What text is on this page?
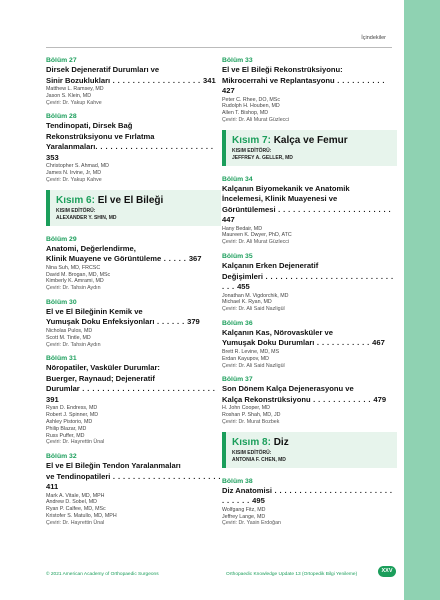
İçindekiler
Bölüm 27
Dirsek Dejeneratif Durumları ve
Sinir Bozuklukları . . . . . . . . . . . . . . . . . . 341
Matthew L. Ramsey, MD
Jason S. Klein, MD
Çeviri: Dr. Yakup Kahve
Bölüm 28
Tendinopati, Dirsek Bağ
Rekonstrüksiyonu ve Fırlatma
Yaralanmaları. . . . . . . . . . . . . . . . . . . . . . . . 353
Christopher S. Ahmad, MD
James N. Irvine, Jr, MD
Çeviri: Dr. Yakup Kahve
Kısım 6: El ve El Bileği
KISIM EDİTÖRÜ:
ALEXANDER Y. SHIN, MD
Bölüm 29
Anatomi, Değerlendirme,
Klinik Muayene ve Görüntüleme . . . . . 367
Nina Suh, MD, FRCSC
David M. Brogan, MD, MSc
Kimberly K. Amrami, MD
Çeviri: Dr. Tahsin Aydın
Bölüm 30
El ve El Bileğinin Kemik ve
Yumuşak Doku Enfeksiyonları . . . . . . 379
Nicholas Pulos, MD
Scott M. Tintle, MD
Çeviri: Dr. Tahsin Aydın
Bölüm 31
Nöropatiler, Vasküler Durumlar:
Buerger, Raynaud; Dejeneratif
Durumlar . . . . . . . . . . . . . . . . . . . . . . . . . . . 391
Ryan D. Endress, MD
Robert J. Spinner, MD
Ashley Pistorio, MD
Philip Blazar, MD
Russ Puffer, MD
Çeviri: Dr. Hayrettin Ünal
Bölüm 32
El ve El Bileğin Tendon Yaralanmaları
ve Tendinopatileri . . . . . . . . . . . . . . . . . . . . . . 411
Mark A. Vitale, MD, MPH
Andrew D. Sobel, MD
Ryan P. Calfee, MD, MSc
Kristofer S. Matullo, MD, MPH
Çeviri: Dr. Hayrettin Ünal
Bölüm 33
El ve El Bileği Rekonstrüksiyonu:
Mikrocerrahi ve Replantasyonu . . . . . . . . . . 427
Peter C. Rhee, DO, MSc
Rudolph H. Houben, MD
Allen T. Bishop, MD
Çeviri: Dr. Ali Murat Güzlecci
Kısım 7: Kalça ve Femur
KISIM EDİTÖRÜ:
JEFFREY A. GELLER, MD
Bölüm 34
Kalçanın Biyomekanik ve Anatomik
İncelemesi, Klinik Muayenesi ve
Görüntülemesi . . . . . . . . . . . . . . . . . . . . . . . 447
Hany Bedair, MD
Maureen K. Dwyer, PhD, ATC
Çeviri: Dr. Ali Murat Güzlecci
Bölüm 35
Kalçanın Erken Dejeneratif
Değişimleri . . . . . . . . . . . . . . . . . . . . . . . . . . . . . 455
Jonathan M. Vigdorchik, MD
Michael K. Ryan, MD
Çeviri: Dr. Ali Said Nazligül
Bölüm 36
Kalçanın Kas, Nörovasküler ve
Yumuşak Doku Durumları . . . . . . . . . . . 467
Brett R. Levine, MD, MS
Erdan Kayupov, MD
Çeviri: Dr. Ali Said Nazligül
Bölüm 37
Son Dönem Kalça Dejenerasyonu ve
Kalça Rekonstrüksiyonu . . . . . . . . . . . . 479
H. John Cooper, MD
Roshan P. Shah, MD, JD
Çeviri: Dr. Murat Bozbek
Kısım 8: Diz
KISIM EDİTÖRÜ:
ANTONIA F. CHEN, MD
Bölüm 38
Diz Anatomisi . . . . . . . . . . . . . . . . . . . . . . . . . . . . . . 495
Wolfgang Fitz, MD
Jeffrey Lange, MD
Çeviri: Dr. Yasin Erdoğan
© 2021 American Academy of Orthopaedic Surgeons	Orthopaedic Knowledge Update 13 (Ortopedik Bilgi Yenileme)
XXV
